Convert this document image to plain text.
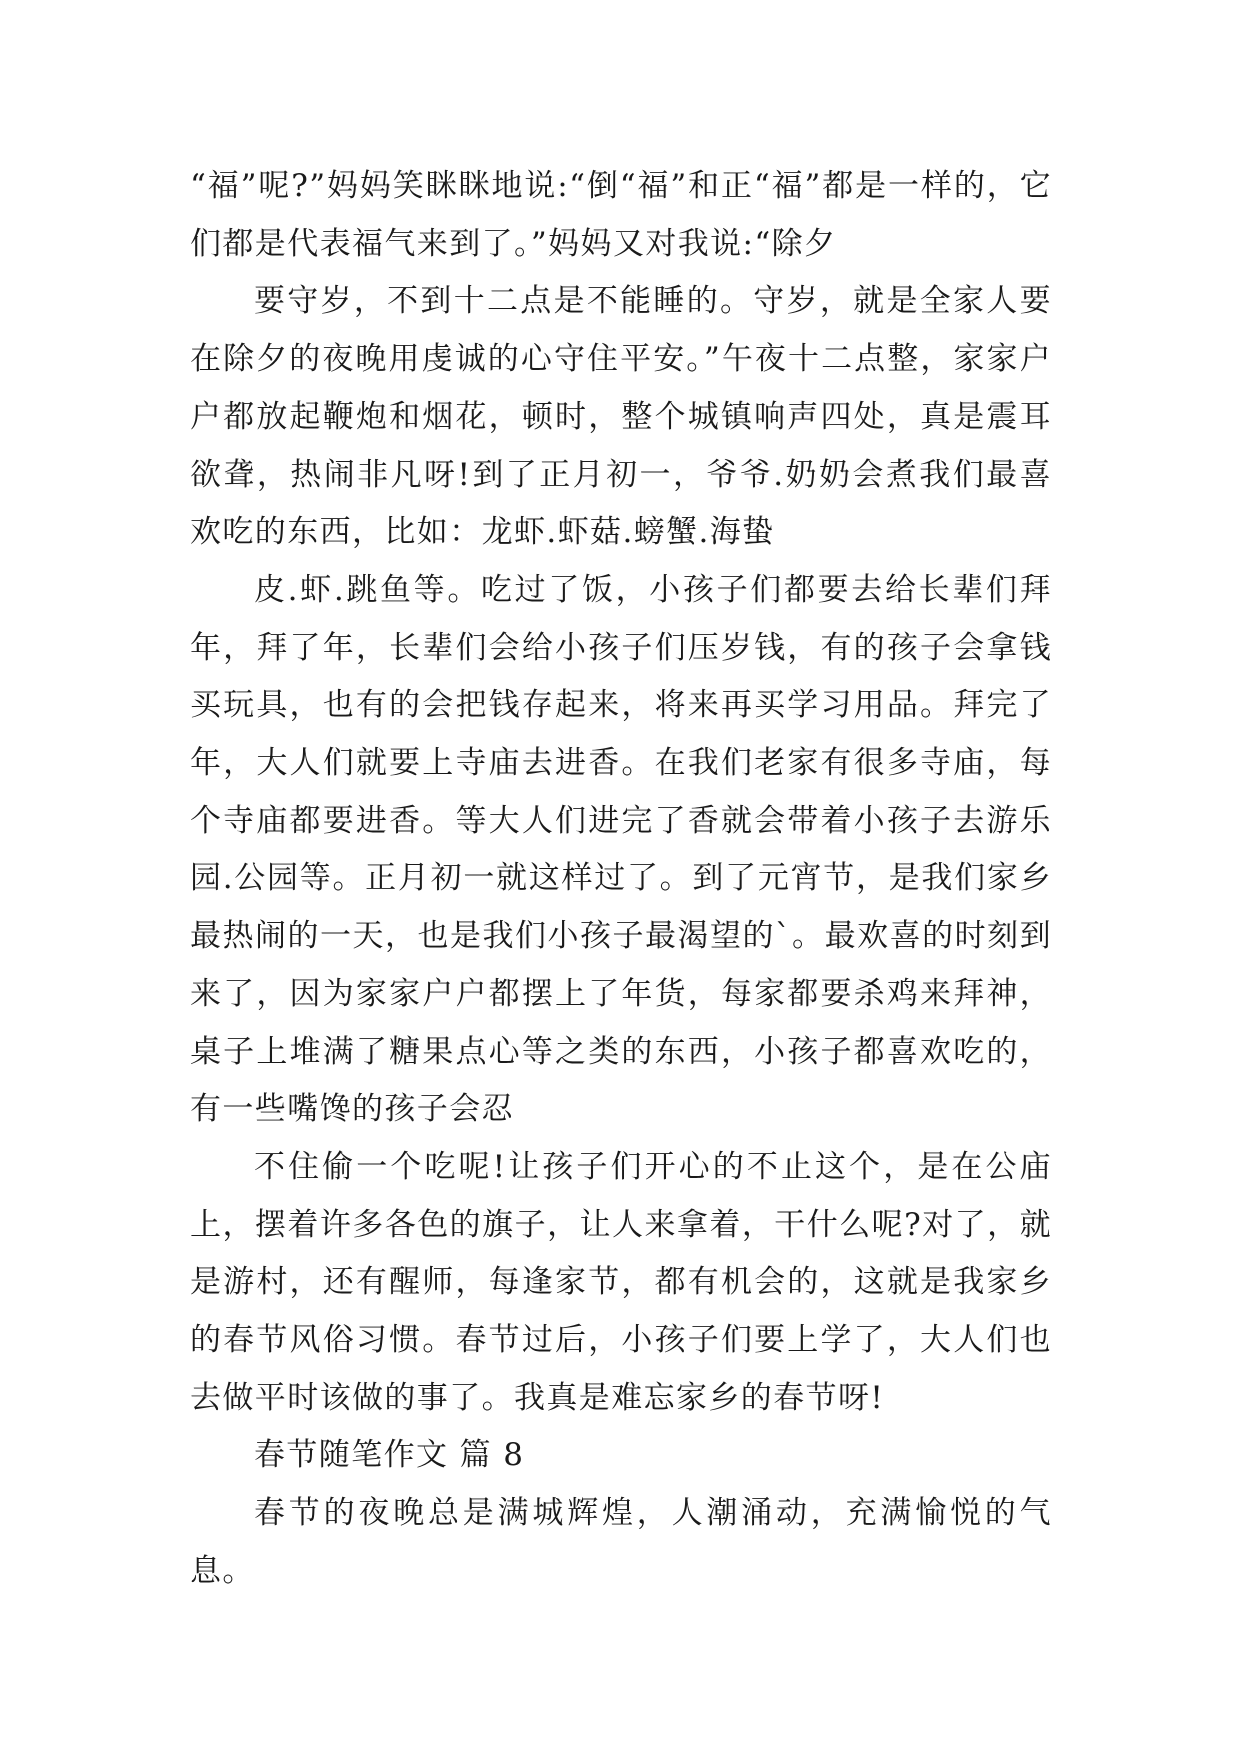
“福”呢?”妈妈笑眯眯地说:“倒“福”和正“福”都是一样的，它们都是代表福气来到了。”妈妈又对我说:“除夕

要守岁，不到十二点是不能睡的。守岁，就是全家人要在除夕的夜晚用虔诚的心守住平安。”午夜十二点整，家家户户都放起鞭炮和烟花，顿时，整个城镇响声四处，真是震耳欲聋，热闹非凡呀!到了正月初一，爷爷.奶奶会煮我们最喜欢吃的东西，比如：龙虾.虾菇.螃蟹.海蛰

皮.虾.跳鱼等。吃过了饭，小孩子们都要去给长辈们拜年，拜了年，长辈们会给小孩子们压岁钱，有的孩子会拿钱买玩具，也有的会把钱存起来，将来再买学习用品。拜完了年，大人们就要上寺庙去进香。在我们老家有很多寺庙，每个寺庙都要进香。等大人们进完了香就会带着小孩子去游乐园.公园等。正月初一就这样过了。到了元宵节，是我们家乡最热闹的一天，也是我们小孩子最渴望的`。最欢喜的时刻到来了，因为家家户户都摆上了年货，每家都要杀鸡来拜神，桌子上堆满了糖果点心等之类的东西，小孩子都喜欢吃的，有一些嘴馋的孩子会忍

不住偷一个吃呢!让孩子们开心的不止这个，是在公庙上，摆着许多各色的旗子，让人来拿着，干什么呢?对了，就是游村，还有醒师，每逢家节，都有机会的，这就是我家乡的春节风俗习惯。春节过后，小孩子们要上学了，大人们也去做平时该做的事了。我真是难忘家乡的春节呀!

春节随笔作文 篇 8

春节的夜晚总是满城辉煌，人潮涌动，充满愉悦的气息。
